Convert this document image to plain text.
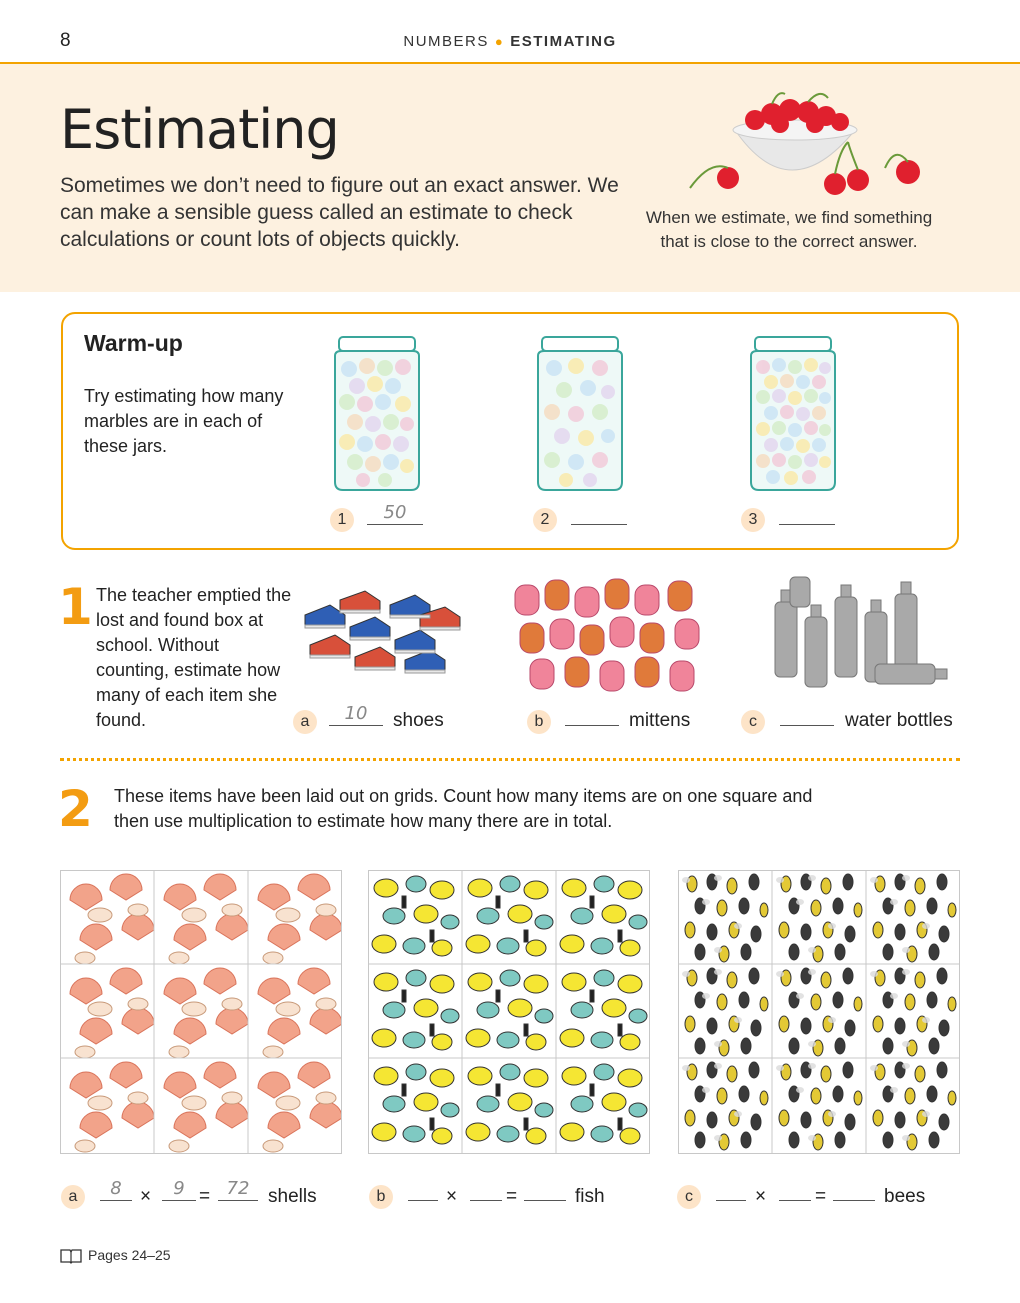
8	NUMBERS ● ESTIMATING
Estimating
Sometimes we don’t need to figure out an exact answer. We can make a sensible guess called an estimate to check calculations or count lots of objects quickly.
When we estimate, we find something that is close to the correct answer.
Warm-up
Try estimating how many marbles are in each of these jars.
1	50	2	3
1 The teacher emptied the lost and found box at school. Without counting, estimate how many of each item she found.	a	10	shoes	b	mittens	c	water bottles
2 These items have been laid out on grids. Count how many items are on one square and then use multiplication to estimate how many there are in total.
a	8 ×	9 = 72 shells	b	×	=	fish	c	×	=	bees
Pages 24–25
